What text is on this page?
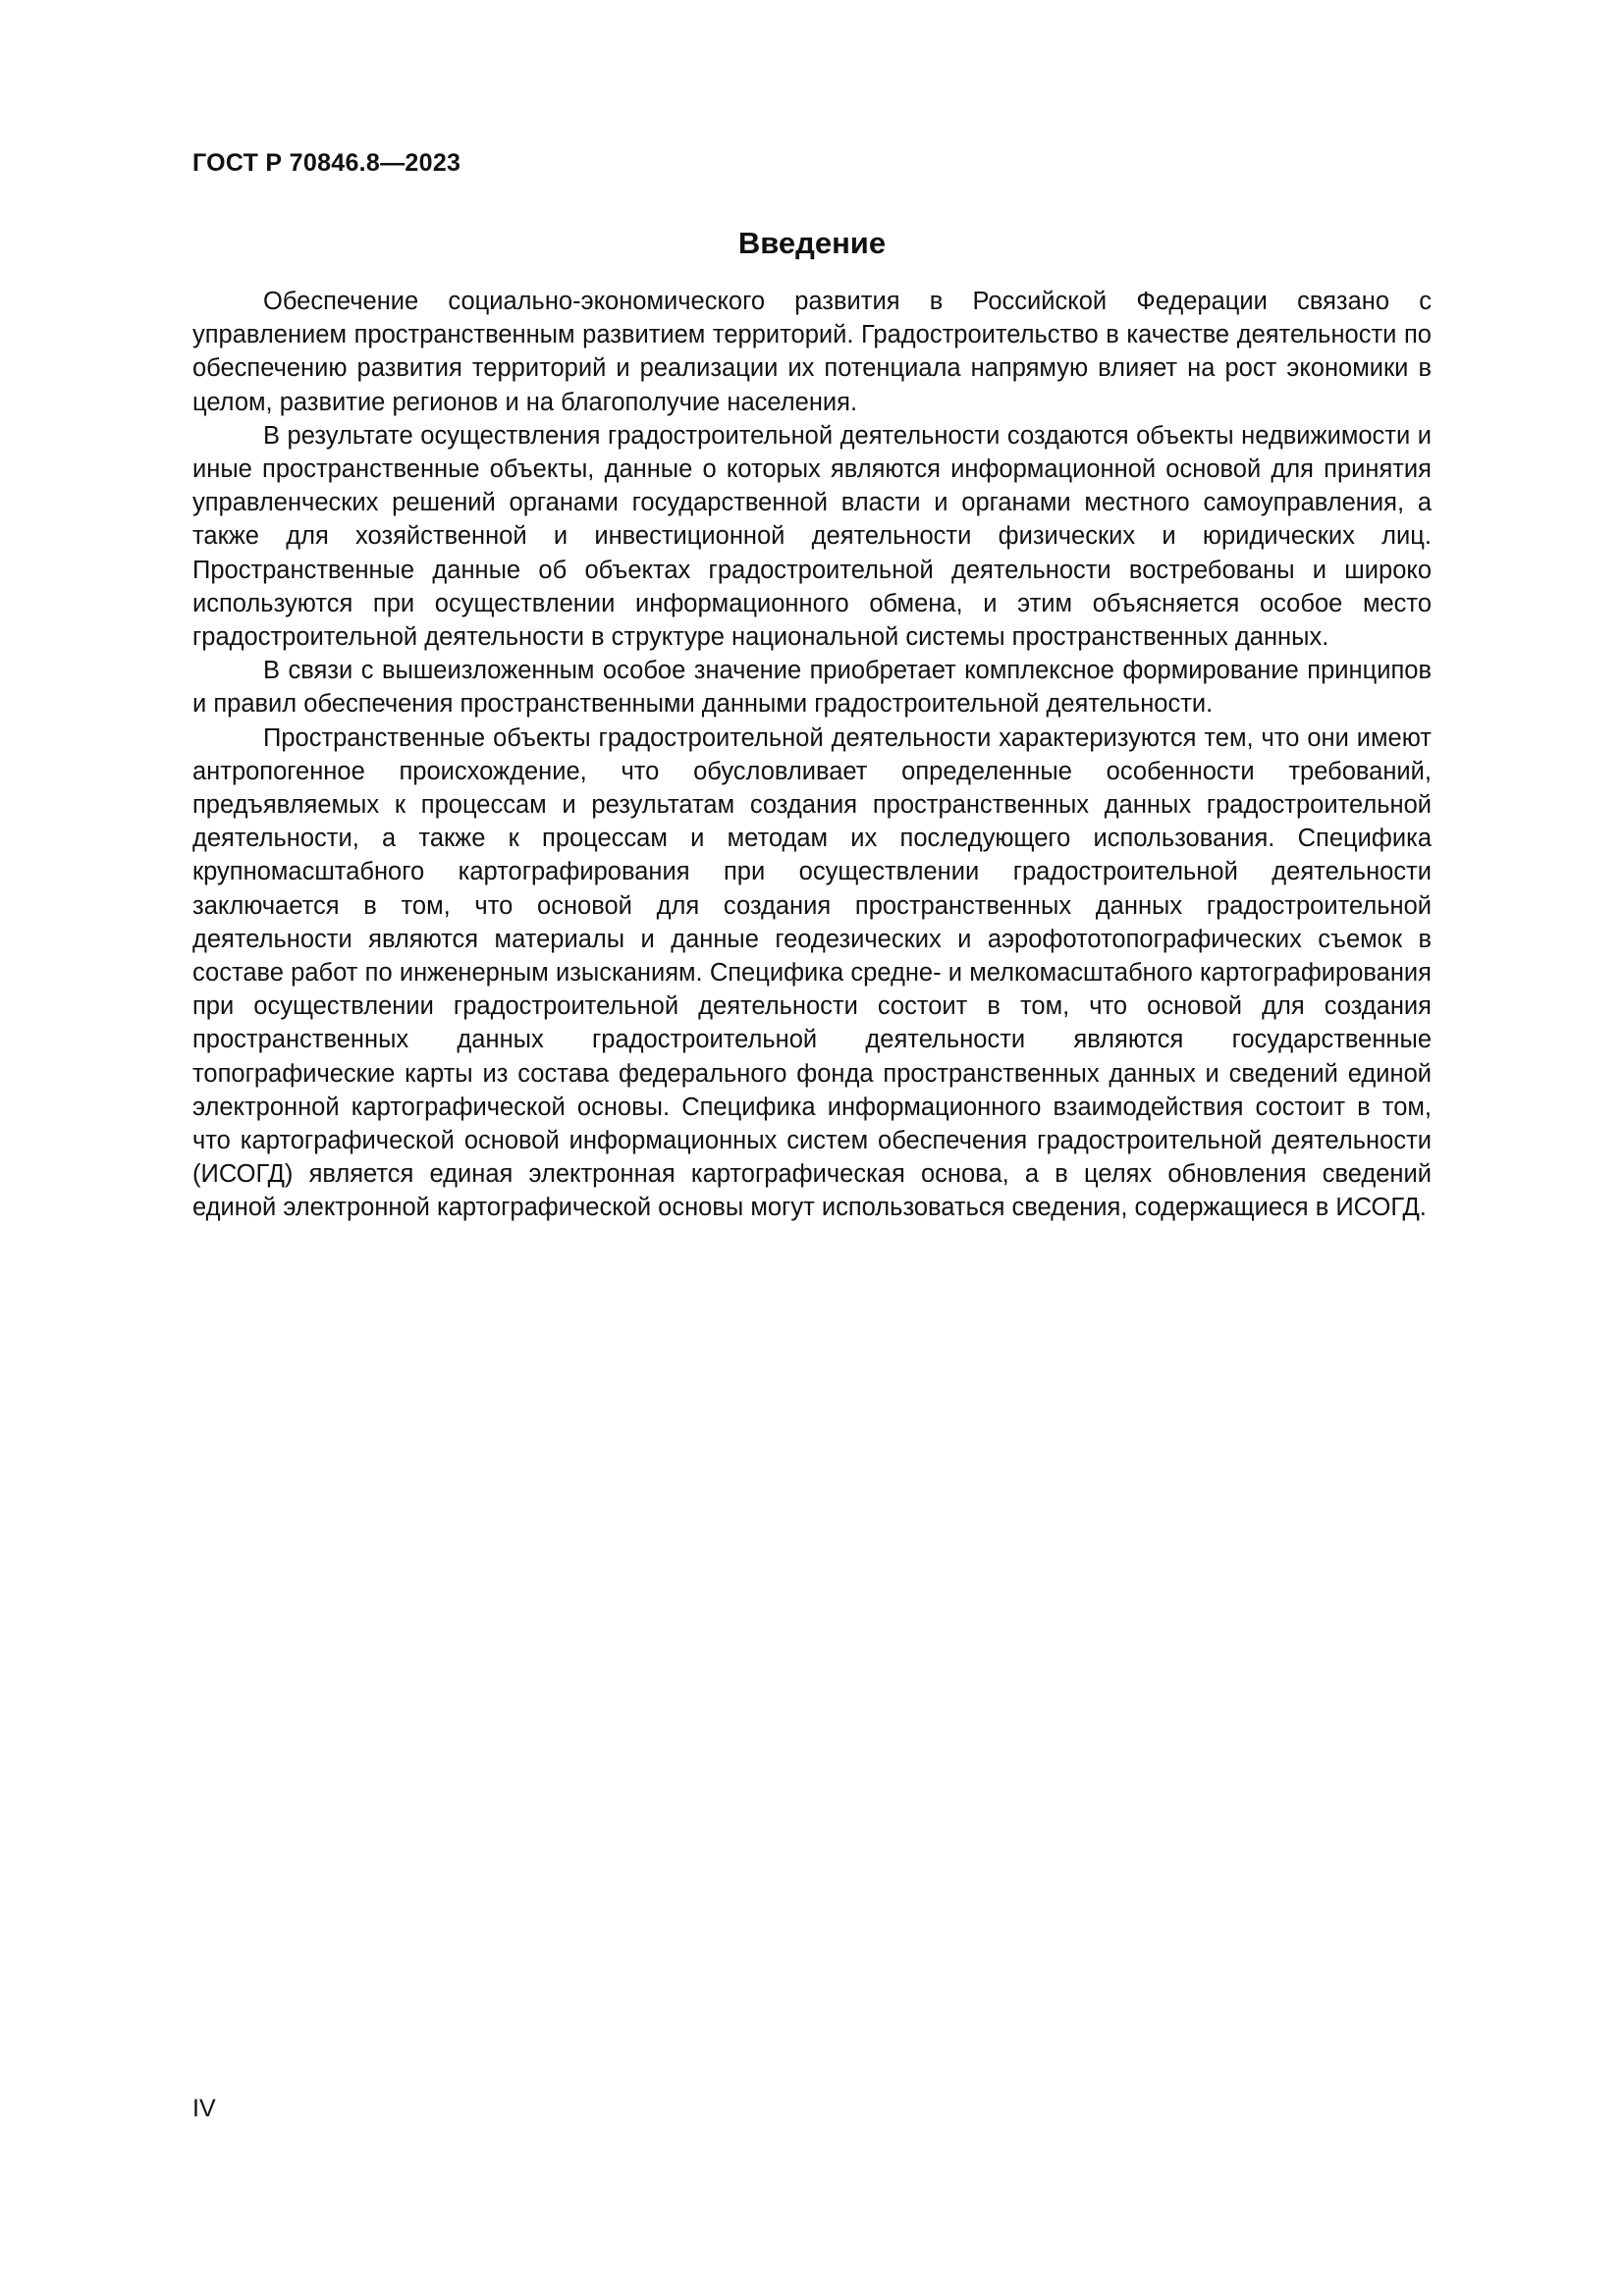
ГОСТ Р 70846.8—2023

Введение

Обеспечение социально-экономического развития в Российской Федерации связано с управлением пространственным развитием территорий. Градостроительство в качестве деятельности по обеспечению развития территорий и реализации их потенциала напрямую влияет на рост экономики в целом, развитие регионов и на благополучие населения.

В результате осуществления градостроительной деятельности создаются объекты недвижимости и иные пространственные объекты, данные о которых являются информационной основой для принятия управленческих решений органами государственной власти и органами местного самоуправления, а также для хозяйственной и инвестиционной деятельности физических и юридических лиц. Пространственные данные об объектах градостроительной деятельности востребованы и широко используются при осуществлении информационного обмена, и этим объясняется особое место градостроительной деятельности в структуре национальной системы пространственных данных.

В связи с вышеизложенным особое значение приобретает комплексное формирование принципов и правил обеспечения пространственными данными градостроительной деятельности.

Пространственные объекты градостроительной деятельности характеризуются тем, что они имеют антропогенное происхождение, что обусловливает определенные особенности требований, предъявляемых к процессам и результатам создания пространственных данных градостроительной деятельности, а также к процессам и методам их последующего использования. Специфика крупномасштабного картографирования при осуществлении градостроительной деятельности заключается в том, что основой для создания пространственных данных градостроительной деятельности являются материалы и данные геодезических и аэрофототопографических съемок в составе работ по инженерным изысканиям. Специфика средне- и мелкомасштабного картографирования при осуществлении градостроительной деятельности состоит в том, что основой для создания пространственных данных градостроительной деятельности являются государственные топографические карты из состава федерального фонда пространственных данных и сведений единой электронной картографической основы. Специфика информационного взаимодействия состоит в том, что картографической основой информационных систем обеспечения градостроительной деятельности (ИСОГД) является единая электронная картографическая основа, а в целях обновления сведений единой электронной картографической основы могут использоваться сведения, содержащиеся в ИСОГД.

IV
